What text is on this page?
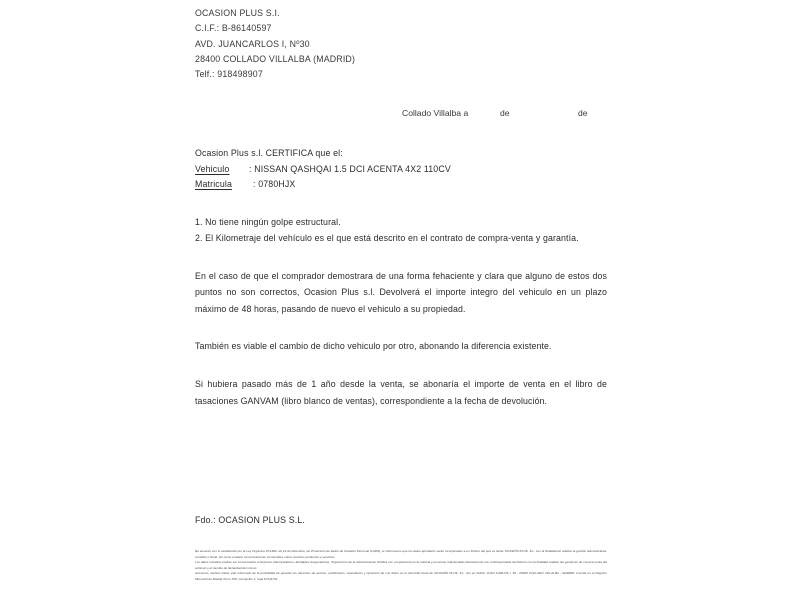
OCASION PLUS S.I.
C.I.F.: B-86140597
AVD. JUANCARLOS I, Nº30
28400 COLLADO VILLALBA (MADRID)
Telf.: 918498907
Collado Villalba a	de	de
Ocasion Plus s.l. CERTIFICA que el:
Vehiculo	: NISSAN QASHQAI 1.5 DCI ACENTA 4X2 110CV
Matricula	: 0780HJX
1. No tiene ningún golpe estructural.
2. El Kilometraje del vehículo es el que está descrito en el contrato de compra-venta y garantía.
En el caso de que el comprador demostrara de una forma fehaciente y clara que alguno de estos dos puntos no son correctos, Ocasion Plus s.l. Devolverá el importe integro del vehiculo en un plazo máximo de 48 horas, pasando de nuevo el vehiculo a su propiedad.
También es viable el cambio de dicho vehiculo por otro, abonando la diferencia existente.
Si hubiera pasado más de 1 año desde la venta, se abonaría el importe de venta en el libro de tasaciones GANVAM (libro blanco de ventas), correspondiente a la fecha de devolución.
Fdo.: OCASION PLUS S.L.

De acuerdo con lo establecido por la Ley Orgánica 15/1999, de 13 de diciembre, de Protección de Datos de Carácter Personal (LOPD), le informamos que los datos aportados serán incorporados a un fichero del que es titular OCASIÓN PLUS, S.L. con la finalidad de realizar la gestión administrativa, contable y fiscal, así como enviarle comunicaciones comerciales sobre nuestros productos y servicios.

Los datos incluidos podrán ser comunicados a Gestores Administrativos, Entidades Aseguradoras, Organismos de la Administración Pública con competencia en la materia y personas relacionadas directamente con el Responsable del fichero con la finalidad realizar las gestiones de compra venta del vehiculo y el cambio de titularidad del mismo.

Asimismo, declaro haber sido informado de la posibilidad de ejercitar los derechos de acceso, rectificación, cancelación y oposición de mis datos en el domicilio fiscal de OCASIÓN PLUS, S.L. sito en AVDA. JUAN CARLOS I, 30 - 28400 COLLADO VILLALBA - MADRID. Inscrita en el Registro Mercantil de Madrid Tomo 150, inscripción 1, hoja M 511731
